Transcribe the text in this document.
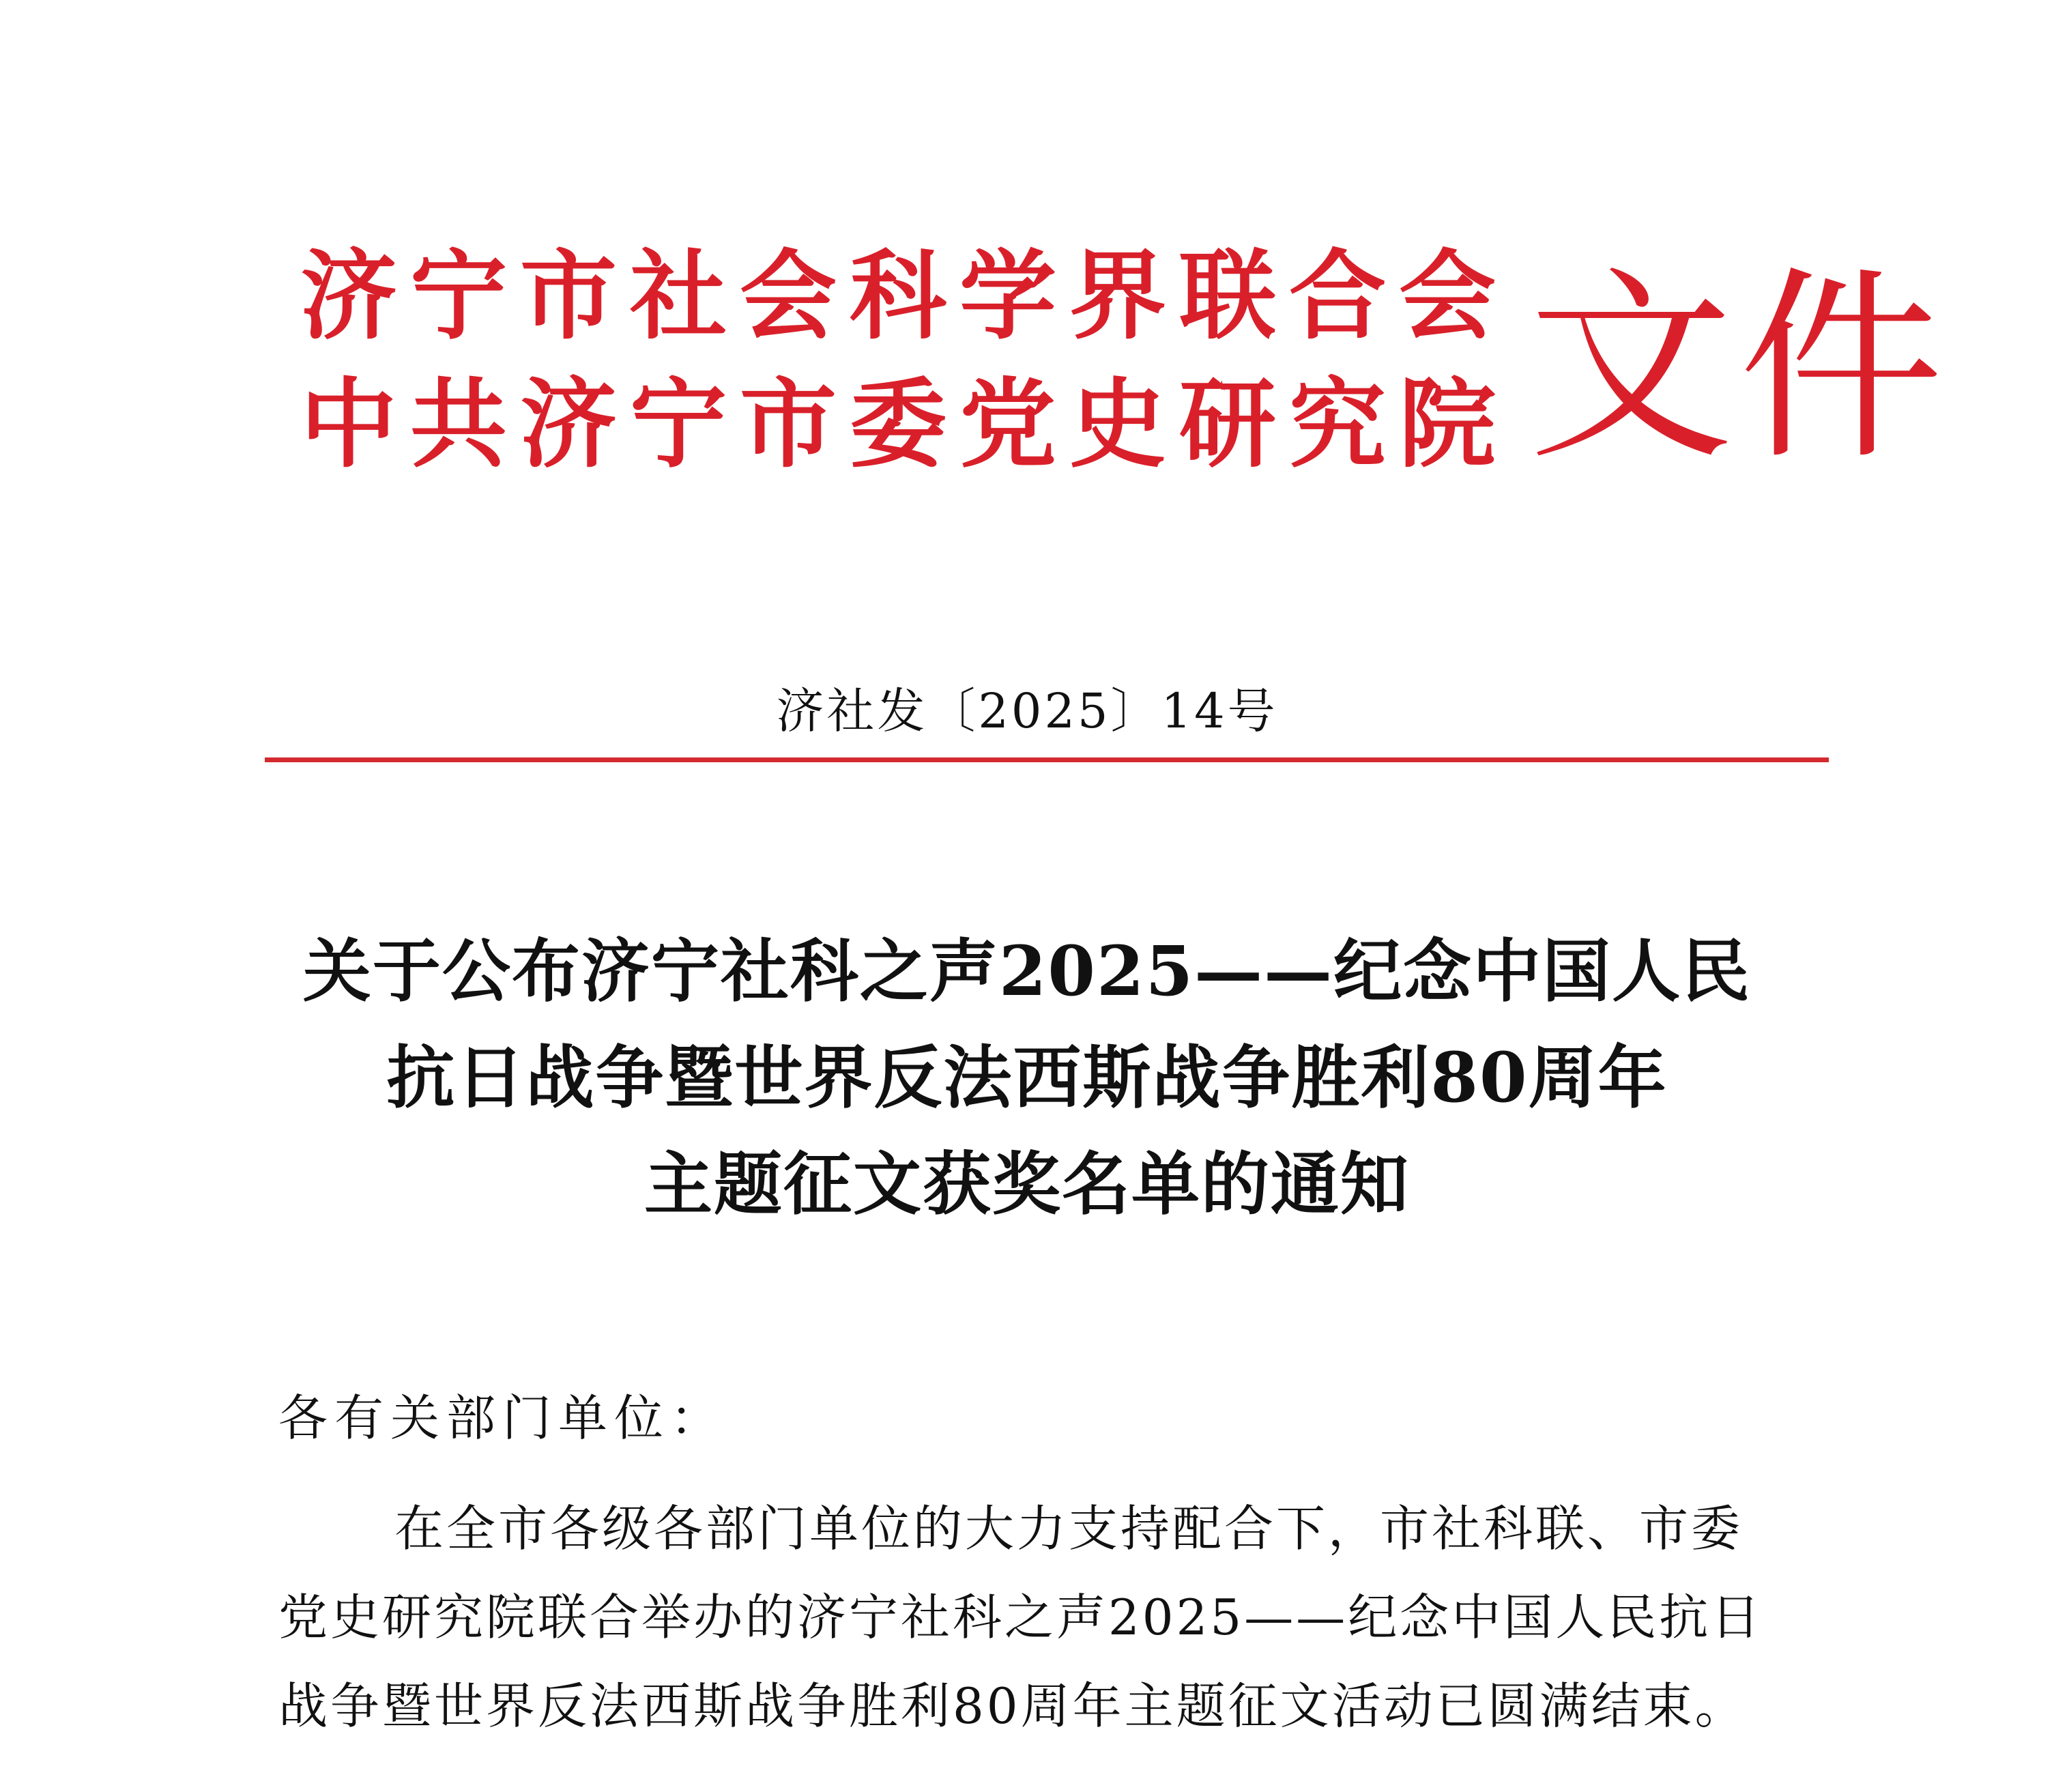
济宁市社会科学界联合会
中共济宁市委党史研究院 文件
济社发〔2025〕14号
关于公布济宁社科之声2025——纪念中国人民
抗日战争暨世界反法西斯战争胜利80周年
主题征文获奖名单的通知
各有关部门单位：
在全市各级各部门单位的大力支持配合下，市社科联、市委
党史研究院联合举办的济宁社科之声2025——纪念中国人民抗日
战争暨世界反法西斯战争胜利80周年主题征文活动已圆满结束。
